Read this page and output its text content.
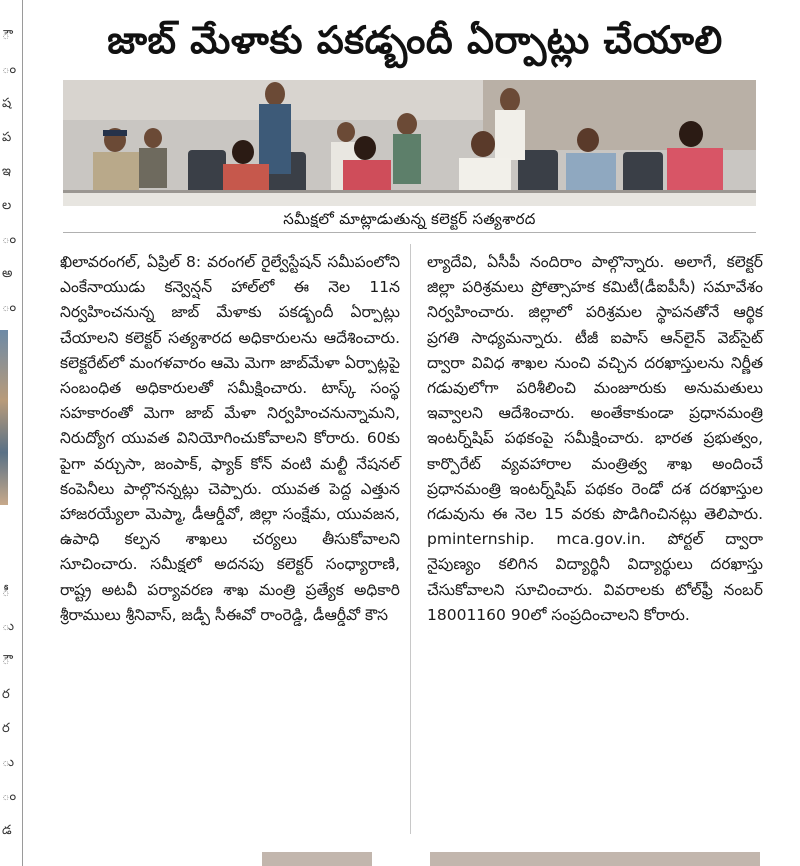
ౌ
ం
ష
ప
ఇ
ల
ం
అ
ం
ీ
ు
ౌ
ర
ర
ు
ం
డ
జాబ్ మేళాకు పకడ్బందీ ఏర్పాట్లు చేయాలి
సమీక్షలో మాట్లాడుతున్న కలెక్టర్ సత్యశారద

ఖిలావరంగల్, ఏప్రిల్ 8: వరంగల్ రైల్వేస్టేషన్ సమీపంలోని ఎంకేనాయుడు కన్వెన్షన్ హాల్‌లో ఈ నెల 11న నిర్వహించనున్న జాబ్ మేళాకు పకడ్బందీ ఏర్పాట్లు చేయాలని కలెక్టర్ సత్యశారద అధికారులను ఆదేశించారు. కలెక్టరేట్‌లో మంగళవారం ఆమె మెగా జాబ్‌మేళా ఏర్పాట్లపై సంబంధిత అధికారులతో సమీక్షించారు. టాస్క్ సంస్థ సహకారంతో మెగా జాబ్ మేళా నిర్వహించనున్నామని, నిరుద్యోగ యువత వినియోగించుకోవాలని కోరారు. 60కు పైగా వర్చుసా, జంపాక్, ఫ్యాక్ కోన్ వంటి మల్టీ నేషనల్ కంపెనీలు పాల్గొనన్నట్లు చెప్పారు. యువత పెద్ద ఎత్తున హాజరయ్యేలా మెప్మా, డీఆర్డీవో, జిల్లా సంక్షేమ, యువజన, ఉపాధి కల్పన శాఖలు చర్యలు తీసుకోవాలని సూచించారు. సమీక్షలో అదనపు కలెక్టర్ సంధ్యారాణి, రాష్ట్ర అటవీ పర్యావరణ శాఖ మంత్రి ప్రత్యేక అధికారి శ్రీరాములు శ్రీనివాస్, జడ్పీ సీఈవో రాంరెడ్డి, డీఆర్డీవో కౌస

ల్యాదేవి, ఏసీపీ నందిరాం పాల్గొన్నారు. అలాగే, కలెక్టర్ జిల్లా పరిశ్రమలు ప్రోత్సాహక కమిటీ(డీఐపీసీ) సమావేశం నిర్వహించారు. జిల్లాలో పరిశ్రమల స్థాపనతోనే ఆర్థిక ప్రగతి సాధ్యమన్నారు. టీజీ ఐపాస్ ఆన్‌లైన్ వెబ్‌సైట్ ద్వారా వివిధ శాఖల నుంచి వచ్చిన దరఖాస్తులను నిర్ణీత గడువులోగా పరిశీలించి మంజూరుకు అనుమతులు ఇవ్వాలని ఆదేశించారు. అంతేకాకుండా ప్రధానమంత్రి ఇంటర్న్‌షిప్ పథకంపై సమీక్షించారు. భారత ప్రభుత్వం, కార్పొరేట్ వ్యవహారాల మంత్రిత్వ శాఖ అందించే ప్రధానమంత్రి ఇంటర్న్‌షిప్ పథకం రెండో దశ దరఖాస్తుల గడువును ఈ నెల 15 వరకు పొడిగించినట్లు తెలిపారు. pminternship. mca.gov.in. పోర్టల్ ద్వారా నైపుణ్యం కలిగిన విద్యార్థినీ విద్యార్థులు దరఖాస్తు చేసుకోవాలని సూచించారు. వివరాలకు టోల్‌ఫ్రీ నంబర్ 18001160 90లో సంప్రదించాలని కోరారు.
